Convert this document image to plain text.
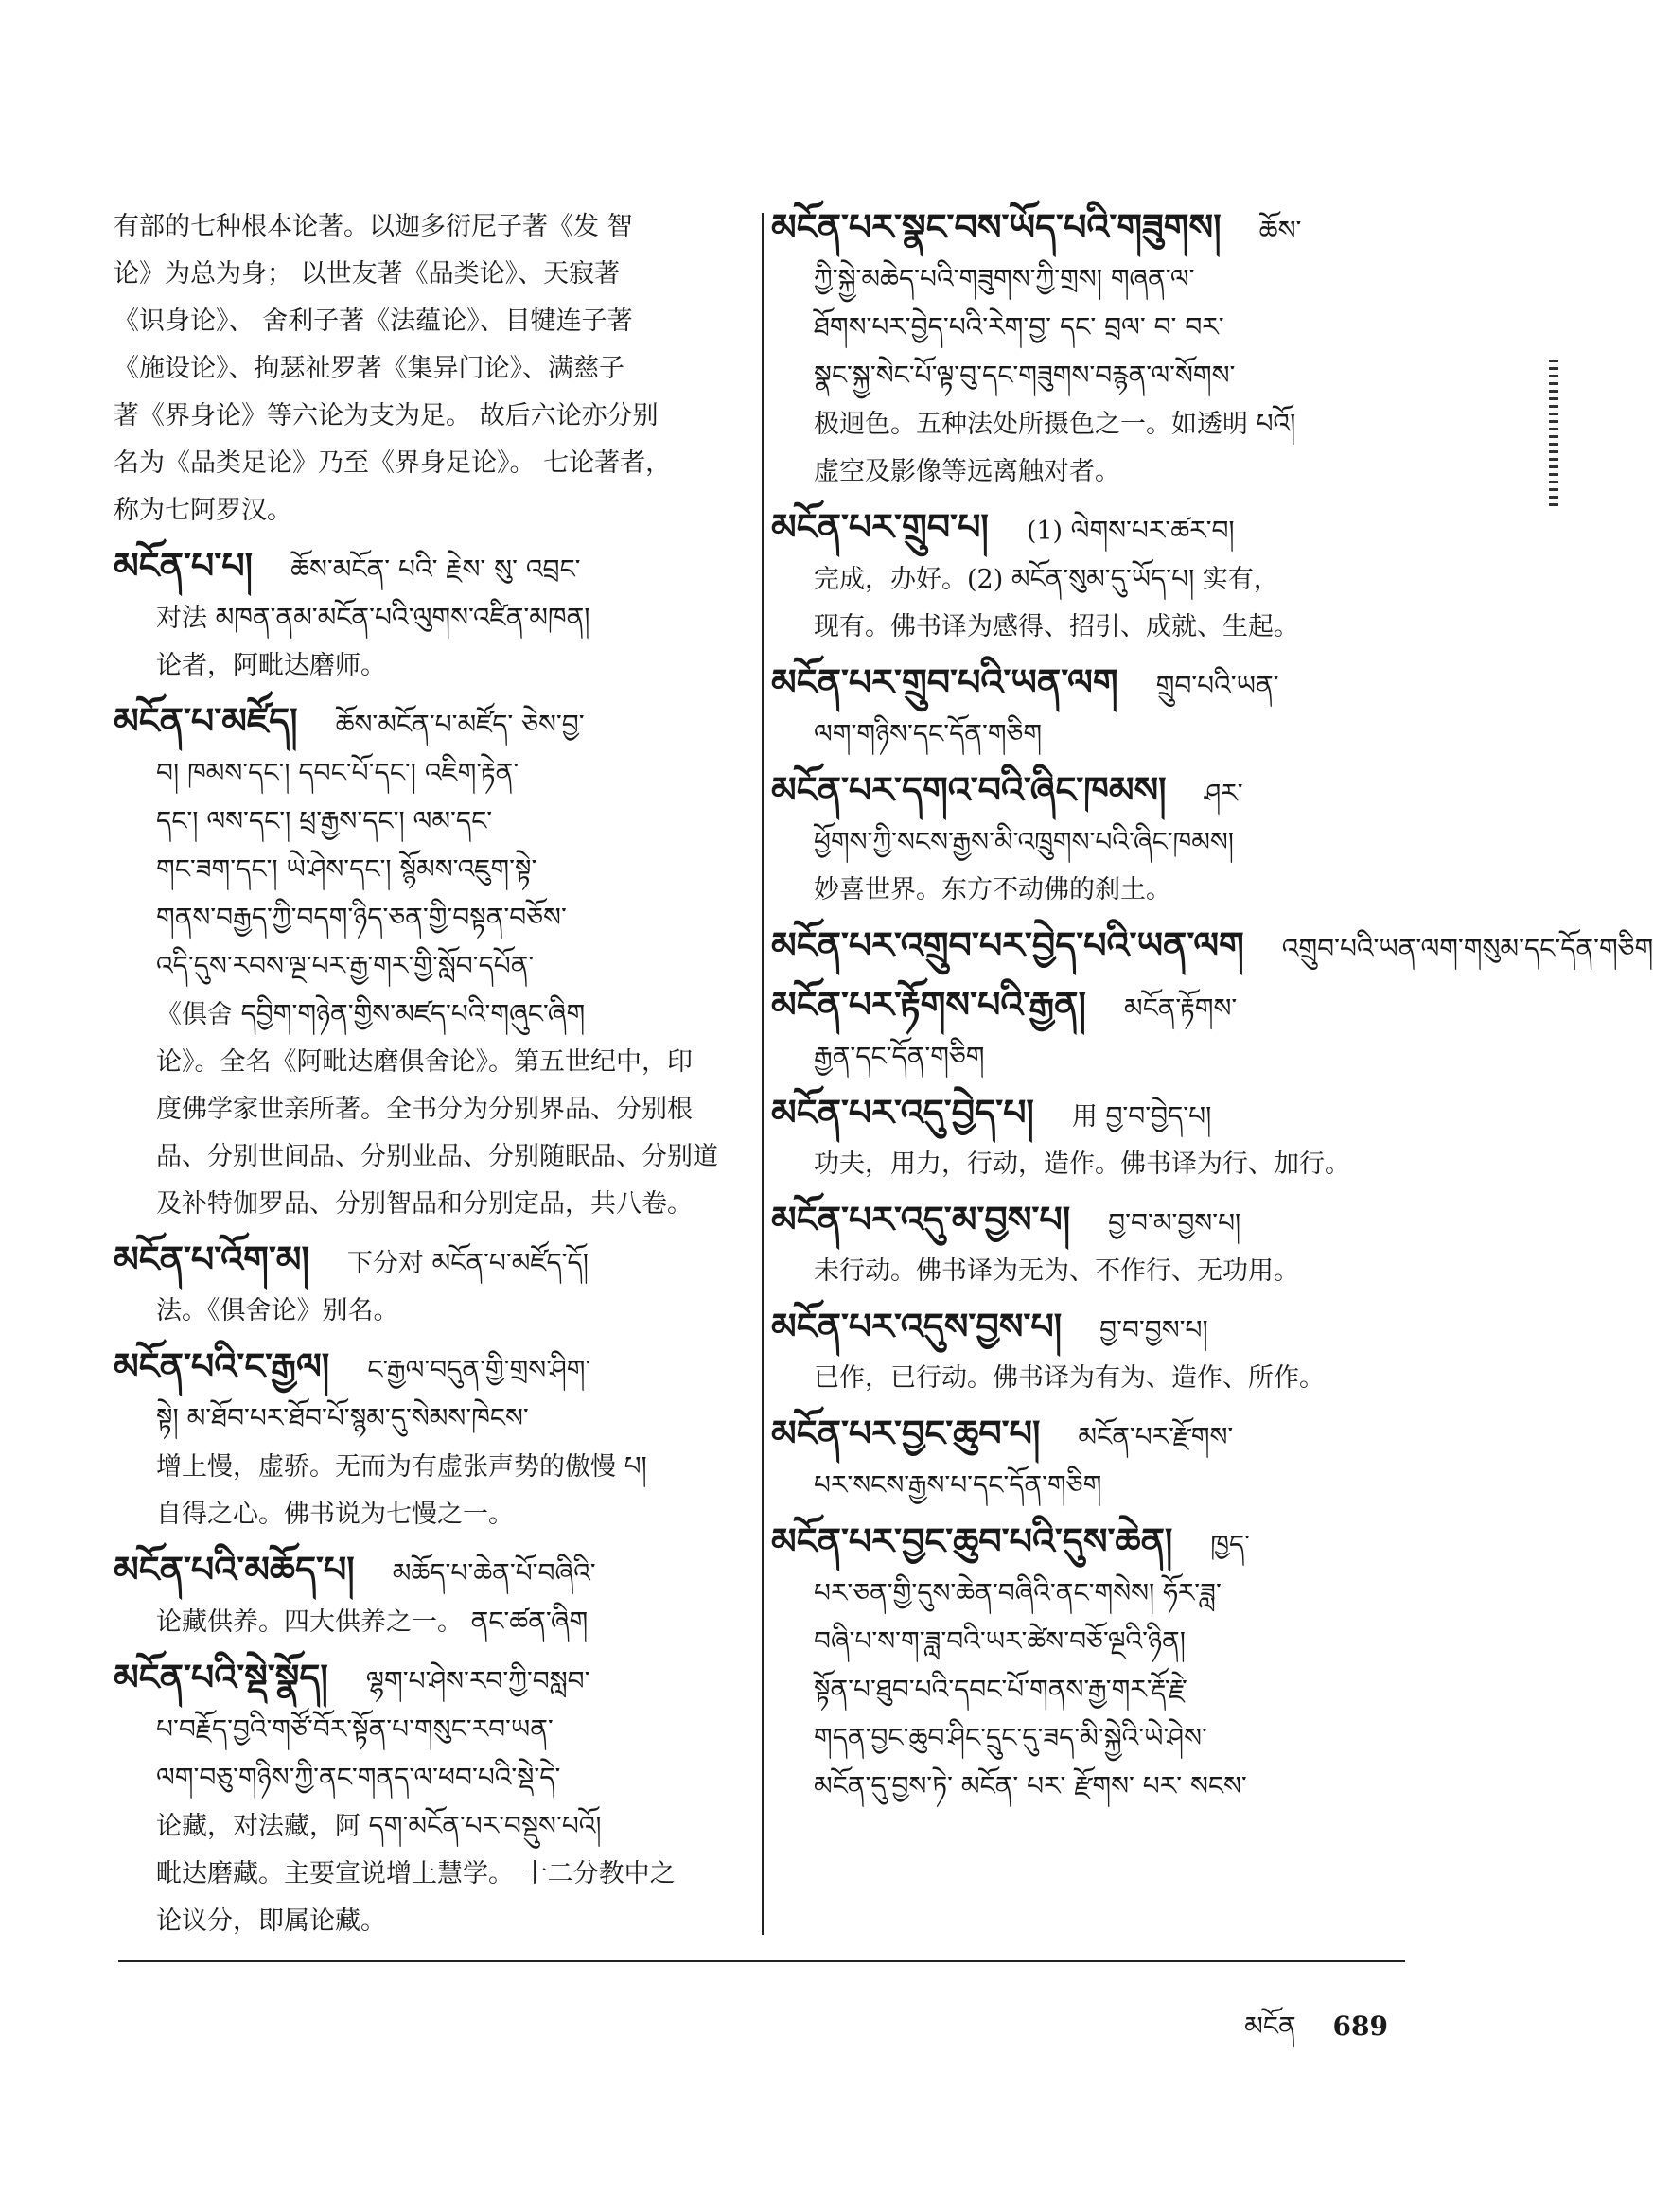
有部的七种根本论著。以迦多衍尼子著《发 智
论》为总为身； 以世友著《品类论》、天寂著
《识身论》、 舍利子著《法蕴论》、目犍连子著
《施设论》、拘瑟祉罗著《集异门论》、满慈子
著《界身论》等六论为支为足。 故后六论亦分别
名为《品类足论》乃至《界身足论》。 七论著者，
称为七阿罗汉。
མངོན་པ་པ། ཆོས་མངོན་ པའི་ རྗེས་ སུ་ འབྲང་
对法 མཁན་ནམ་མངོན་པའི་ལུགས་འཛིན་མཁན།
论者，阿毗达磨师。
མངོན་པ་མཛོད། ཆོས་མངོན་པ་མཛོད་ ཅེས་བྱ་
བ། ཁམས་དང་། དབང་པོ་དང་། འཇིག་རྟེན་
དང་། ལས་དང་། ཕྲ་རྒྱས་དང་། ལམ་དང་
གང་ཟག་དང་། ཡེ་ཤེས་དང་། སྙོམས་འཇུག་སྟེ་
གནས་བརྒྱད་ཀྱི་བདག་ཉིད་ཅན་གྱི་བསྟན་བཅོས་
འདི་དུས་རབས་ལྔ་པར་རྒྱ་གར་གྱི་སློབ་དཔོན་
《俱舍 དབྱིག་གཉེན་གྱིས་མཛད་པའི་གཞུང་ཞིག
论》。全名《阿毗达磨俱舍论》。第五世纪中，印
度佛学家世亲所著。全书分为分别界品、分别根
品、分别世间品、分别业品、分别随眠品、分别道
及补特伽罗品、分别智品和分别定品，共八卷。
མངོན་པ་འོག་མ། 下分对 མངོན་པ་མཛོད་དོ།
法。《俱舍论》别名。
མངོན་པའི་ང་རྒྱལ། ང་རྒྱལ་བདུན་གྱི་གྲས་ཤིག་
སྟེ། མ་ཐོབ་པར་ཐོབ་པོ་སྙམ་དུ་སེམས་ཁེངས་
增上慢，虚骄。无而为有虚张声势的傲慢 པ།
自得之心。佛书说为七慢之一。
མངོན་པའི་མཆོད་པ། མཆོད་པ་ཆེན་པོ་བཞིའི་
论藏供养。四大供养之一。 ནང་ཚན་ཞིག
མངོན་པའི་སྡེ་སྣོད། ལྷག་པ་ཤེས་རབ་ཀྱི་བསླབ་
པ་བརྗོད་བྱའི་གཙོ་བོར་སྟོན་པ་གསུང་རབ་ཡན་
ལག་བཅུ་གཉིས་ཀྱི་ནང་གནད་ལ་ཕབ་པའི་སྡེ་དེ་
论藏，对法藏，阿 དག་མངོན་པར་བསྡུས་པའོ།
毗达磨藏。主要宣说增上慧学。 十二分教中之
论议分，即属论藏。
མངོན་པར་སྣང་བས་ཡོད་པའི་གཟུགས། ཆོས་
ཀྱི་སྐྱེ་མཆེད་པའི་གཟུགས་ཀྱི་གྲས། གཞན་ལ་
ཐོགས་པར་བྱེད་པའི་རེག་བྱ་ དང་ བྲལ་ བ་ བར་
སྣང་སྐྱ་སེང་པོ་ལྟ་བུ་དང་གཟུགས་བརྙན་ལ་སོགས་
极迥色。五种法处所摄色之一。如透明 པའོ།
虚空及影像等远离触对者。
མངོན་པར་གྲུབ་པ། (1) ལེགས་པར་ཚར་བ།
完成，办好。(2) མངོན་སུམ་དུ་ཡོད་པ། 实有，
现有。佛书译为感得、招引、成就、生起。
མངོན་པར་གྲུབ་པའི་ཡན་ལག གྲུབ་པའི་ཡན་
ལག་གཉིས་དང་དོན་གཅིག
མངོན་པར་དགའ་བའི་ཞིང་ཁམས། ཤར་
ཕྱོགས་ཀྱི་སངས་རྒྱས་མི་འཁྲུགས་པའི་ཞིང་ཁམས།
妙喜世界。东方不动佛的刹土。
མངོན་པར་འགྲུབ་པར་བྱེད་པའི་ཡན་ལག འགྲུབ་པའི་ཡན་ལག་གསུམ་དང་དོན་གཅིག
མངོན་པར་རྟོགས་པའི་རྒྱན། མངོན་རྟོགས་
རྒྱན་དང་དོན་གཅིག
མངོན་པར་འདུ་བྱེད་པ། 用 བྱ་བ་བྱེད་པ།
功夫，用力，行动，造作。佛书译为行、加行。
མངོན་པར་འདུ་མ་བྱས་པ། བྱ་བ་མ་བྱས་པ།
未行动。佛书译为无为、不作行、无功用。
མངོན་པར་འདུས་བྱས་པ། བྱ་བ་བྱས་པ།
已作，已行动。佛书译为有为、造作、所作。
མངོན་པར་བྱང་ཆུབ་པ། མངོན་པར་རྫོགས་
པར་སངས་རྒྱས་པ་དང་དོན་གཅིག
མངོན་པར་བྱང་ཆུབ་པའི་དུས་ཆེན། ཁྱད་
པར་ཅན་གྱི་དུས་ཆེན་བཞིའི་ནང་གསེས། ཧོར་ཟླ་
བཞི་པ་ས་ག་ཟླ་བའི་ཡར་ཚེས་བཅོ་ལྔའི་ཉིན།
སྟོན་པ་ཐུབ་པའི་དབང་པོ་གནས་རྒྱ་གར་རྡོ་རྗེ་
གདན་བྱང་ཆུབ་ཤིང་དྲུང་དུ་ཟད་མི་སྐྱེའི་ཡེ་ཤེས་
མངོན་དུ་བྱས་ཏེ་ མངོན་ པར་ རྫོགས་ པར་ སངས་
མངོན 689
